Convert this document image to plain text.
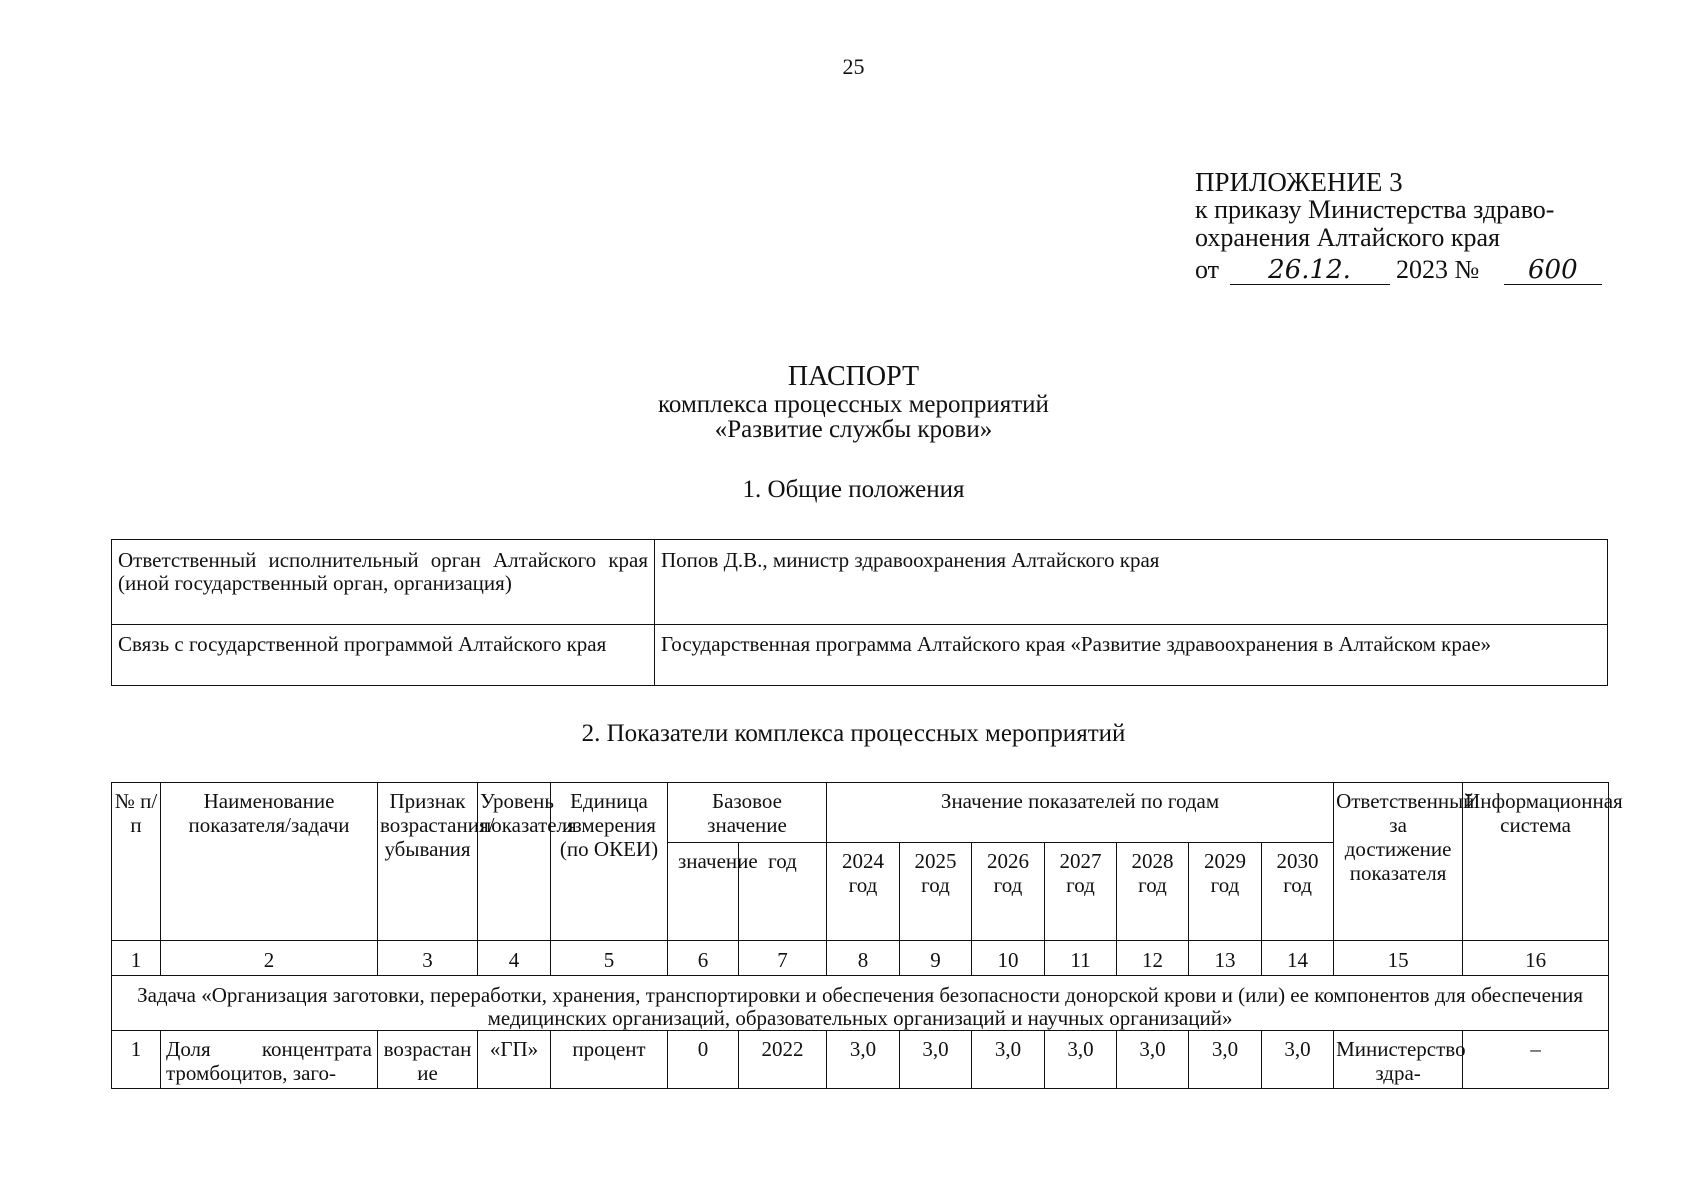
25
ПРИЛОЖЕНИЕ 3
к приказу Министерства здраво-
охранения Алтайского края
от 26.12. 2023 № 600
ПАСПОРТ
комплекса процессных мероприятий
«Развитие службы крови»
1. Общие положения
Ответственный исполнительный орган Алтайского края (иной государственный орган, организация)	Попов Д.В., министр здравоохранения Алтайского края
Связь с государственной программой Алтайского края	Государственная программа Алтайского края «Развитие здравоохранения в Алтайском крае»
2. Показатели комплекса процессных мероприятий
№ п/п	Наименование показателя/задачи	Признак возрастания/убывания	Уровень показателя	Единица измерения (по ОКЕИ)	Базовое значение		Значение показателей по годам							Ответственный за достижение показателя	Информационная система
					значение	год	2024 год	2025 год	2026 год	2027 год	2028 год	2029 год	2030 год		
1	2	3	4	5	6	7	8	9	10	11	12	13	14	15	16
Задача «Организация заготовки, переработки, хранения, транспортировки и обеспечения безопасности донорской крови и (или) ее компонентов для обеспечения медицинских организаций, образовательных организаций и научных организаций»															
1	Доля концентрата тромбоцитов, заго-	возрастание	«ГП»	процент	0	2022	3,0	3,0	3,0	3,0	3,0	3,0	3,0	Министерство здра-	–
